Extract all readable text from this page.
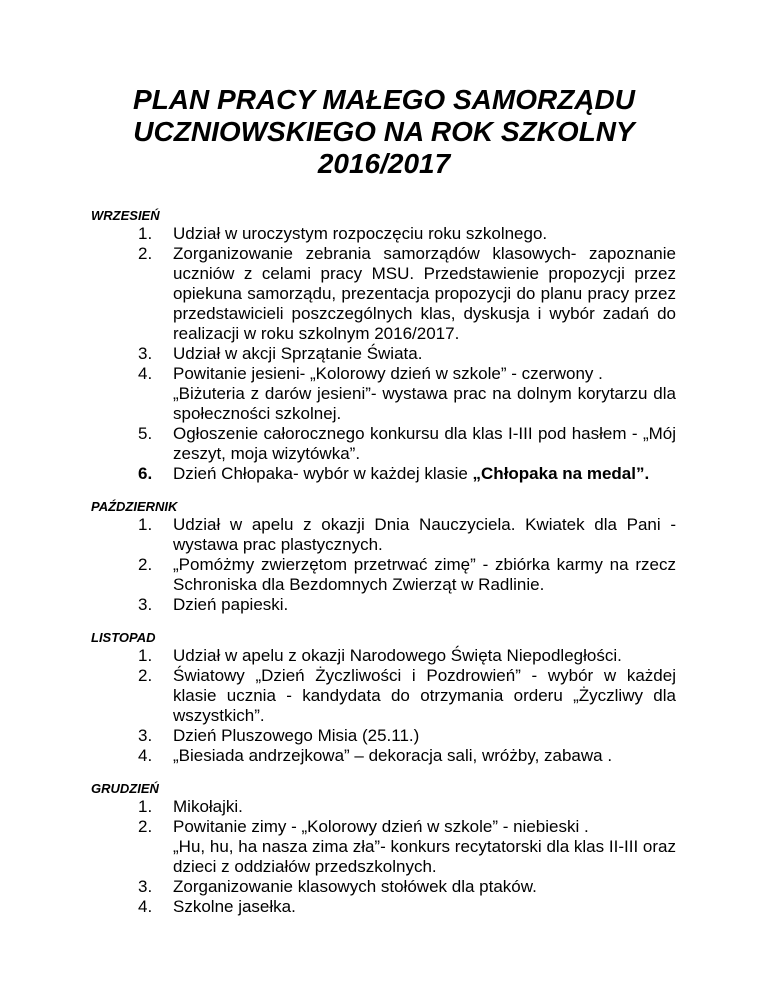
PLAN PRACY MAŁEGO SAMORZĄDU
UCZNIOWSKIEGO NA ROK SZKOLNY
2016/2017

WRZESIEŃ

1. Udział w uroczystym rozpoczęciu roku szkolnego.
2. Zorganizowanie zebrania samorządów klasowych- zapoznanie uczniów z celami pracy MSU. Przedstawienie propozycji przez opiekuna samorządu, prezentacja propozycji do planu pracy przez przedstawicieli poszczególnych klas, dyskusja i wybór zadań do realizacji w roku szkolnym 2016/2017.
3. Udział w akcji Sprzątanie Świata.
4. Powitanie jesieni- „Kolorowy dzień w szkole” - czerwony .
„Biżuteria z darów jesieni”- wystawa prac na dolnym korytarzu dla społeczności szkolnej.
5. Ogłoszenie całorocznego konkursu dla klas I-III pod hasłem - „Mój zeszyt, moja wizytówka”.
6. Dzień Chłopaka- wybór w każdej klasie „Chłopaka na medal”.

PAŹDZIERNIK

1. Udział w apelu z okazji Dnia Nauczyciela. Kwiatek dla Pani - wystawa prac plastycznych.
2. „Pomóżmy zwierzętom przetrwać zimę” - zbiórka karmy na rzecz Schroniska dla Bezdomnych Zwierząt w Radlinie.
3. Dzień papieski.

LISTOPAD

1. Udział w apelu z okazji Narodowego Święta Niepodległości.
2. Światowy „Dzień Życzliwości i Pozdrowień” - wybór w każdej klasie ucznia - kandydata do otrzymania orderu „Życzliwy dla wszystkich”.
3. Dzień Pluszowego Misia (25.11.)
4. „Biesiada andrzejkowa” – dekoracja sali, wróżby, zabawa .

GRUDZIEŃ

1. Mikołajki.
2. Powitanie zimy - „Kolorowy dzień w szkole” - niebieski .
„Hu, hu, ha nasza zima zła”- konkurs recytatorski dla klas II-III oraz dzieci z oddziałów przedszkolnych.
3. Zorganizowanie klasowych stołówek dla ptaków.
4. Szkolne jasełka.
